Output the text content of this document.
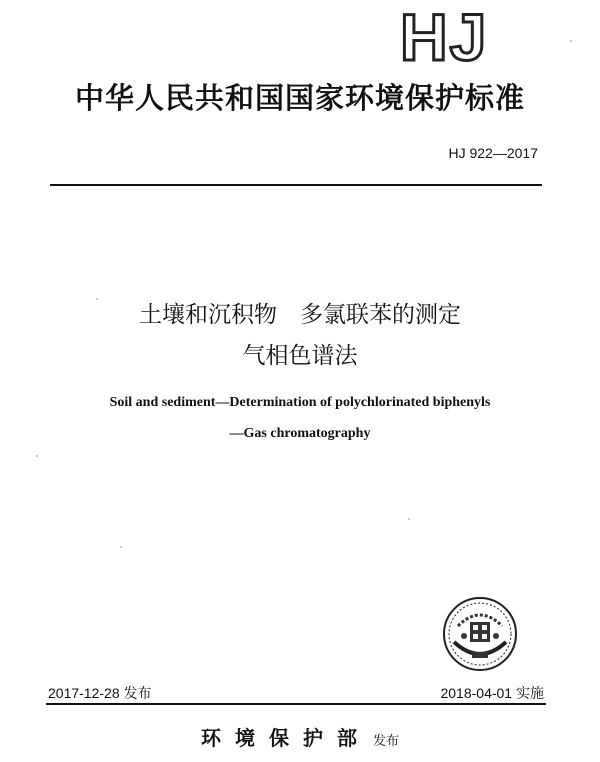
HJ
中华人民共和国国家环境保护标准
HJ 922—2017
土壤和沉积物　多氯联苯的测定
气相色谱法
Soil and sediment—Determination of polychlorinated biphenyls
—Gas chromatography
2017-12-28 发布	2018-04-01 实施
环境保护部 发布
